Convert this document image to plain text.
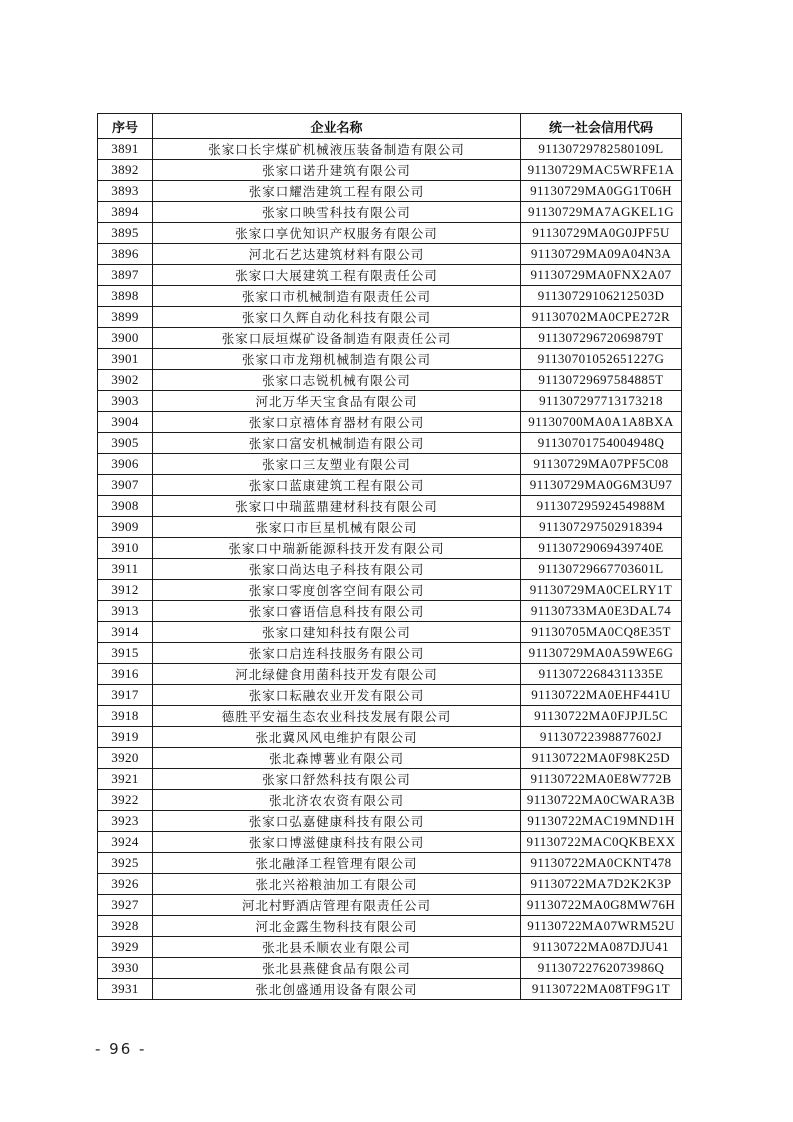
序号	企业名称	统一社会信用代码
3891	张家口长宇煤矿机械液压装备制造有限公司	91130729782580109L
3892	张家口诺升建筑有限公司	91130729MAC5WRFE1A
3893	张家口耀浩建筑工程有限公司	91130729MA0GG1T06H
3894	张家口映雪科技有限公司	91130729MA7AGKEL1G
3895	张家口享优知识产权服务有限公司	91130729MA0G0JPF5U
3896	河北石艺达建筑材料有限公司	91130729MA09A04N3A
3897	张家口大展建筑工程有限责任公司	91130729MA0FNX2A07
3898	张家口市机械制造有限责任公司	91130729106212503D
3899	张家口久辉自动化科技有限公司	91130702MA0CPE272R
3900	张家口辰垣煤矿设备制造有限责任公司	91130729672069879T
3901	张家口市龙翔机械制造有限公司	91130701052651227G
3902	张家口志锐机械有限公司	91130729697584885T
3903	河北万华天宝食品有限公司	911307297713173218
3904	张家口京禧体育器材有限公司	91130700MA0A1A8BXA
3905	张家口富安机械制造有限公司	91130701754004948Q
3906	张家口三友塑业有限公司	91130729MA07PF5C08
3907	张家口蓝康建筑工程有限公司	91130729MA0G6M3U97
3908	张家口中瑞蓝鼎建材科技有限公司	91130729592454988M
3909	张家口市巨星机械有限公司	911307297502918394
3910	张家口中瑞新能源科技开发有限公司	91130729069439740E
3911	张家口尚达电子科技有限公司	91130729667703601L
3912	张家口零度创客空间有限公司	91130729MA0CELRY1T
3913	张家口睿语信息科技有限公司	91130733MA0E3DAL74
3914	张家口建知科技有限公司	91130705MA0CQ8E35T
3915	张家口启连科技服务有限公司	91130729MA0A59WE6G
3916	河北绿健食用菌科技开发有限公司	91130722684311335E
3917	张家口耘融农业开发有限公司	91130722MA0EHF441U
3918	德胜平安福生态农业科技发展有限公司	91130722MA0FJPJL5C
3919	张北冀风风电维护有限公司	91130722398877602J
3920	张北森博薯业有限公司	91130722MA0F98K25D
3921	张家口舒然科技有限公司	91130722MA0E8W772B
3922	张北济农农资有限公司	91130722MA0CWARA3B
3923	张家口弘嘉健康科技有限公司	91130722MAC19MND1H
3924	张家口博滋健康科技有限公司	91130722MAC0QKBEXX
3925	张北融泽工程管理有限公司	91130722MA0CKNT478
3926	张北兴裕粮油加工有限公司	91130722MA7D2K2K3P
3927	河北村野酒店管理有限责任公司	91130722MA0G8MW76H
3928	河北金露生物科技有限公司	91130722MA07WRM52U
3929	张北县禾顺农业有限公司	91130722MA087DJU41
3930	张北县燕健食品有限公司	91130722762073986Q
3931	张北创盛通用设备有限公司	91130722MA08TF9G1T
- 96 -
